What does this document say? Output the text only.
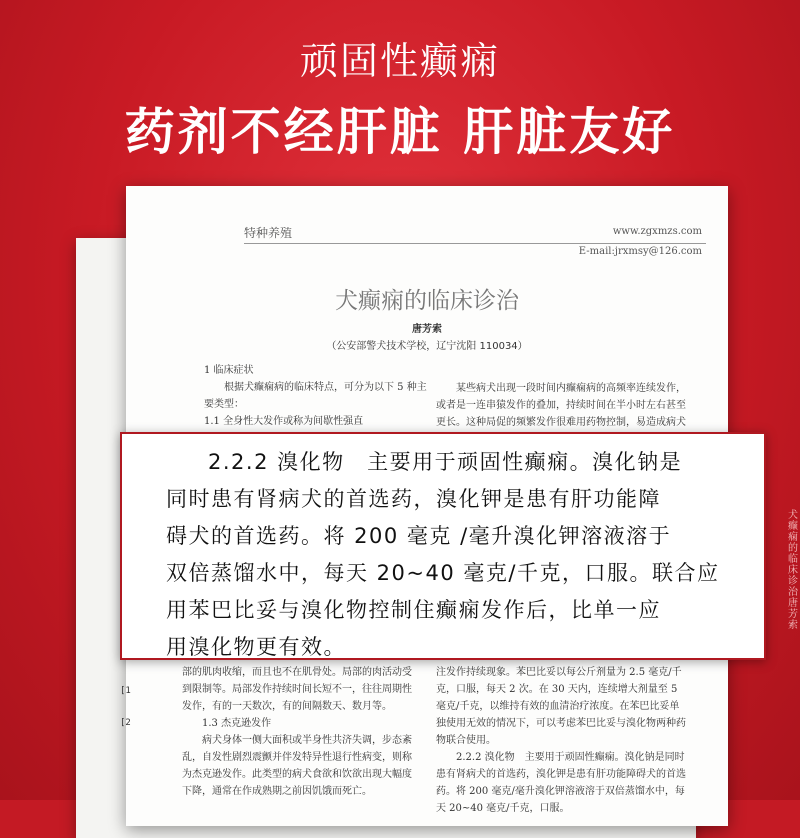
顽固性癫痫
药剂不经肝脏 肝脏友好
特种养殖	www.zgxmzs.com
E-mail:jrxmsy@126.com
犬癫痫的临床诊治
唐芳索
（公安部警犬技术学校，辽宁沈阳 110034）
1 临床症状
根据犬癫痫病的临床特点，可分为以下 5 种主要类型：
1.1 全身性大发作或称为间歇性强直
某些病犬出现一段时间内癫痫病的高频率连续发作，或者是一连串猿发作的叠加，持续时间在半小时左右甚至更长。这种局促的频繁发作很难用药物控制，易造成病犬
部的肌肉收缩，而且也不在肌骨处。局部的肉活动受到限制等。局部发作持续时间长短不一，往往周期性发作，有的一天数次，有的间隔数天、数月等。
1.3 杰克逊发作
病犬身体一侧大面积或半身性共济失调，步态紊乱，自发性剧烈震颤并伴发特异性退行性病变，则称为杰克逊发作。此类型的病犬食欲和饮欲出现大幅度下降，通常在作成熟期之前因饥饿而死亡。
注发作持续现象。苯巴比妥以每公斤剂量为 2.5 毫克/千克，口服，每天 2 次。在 30 天内，连续增大剂量至 5 毫克/千克，以维持有效的血清治疗浓度。在苯巴比妥单独使用无效的情况下，可以考虑苯巴比妥与溴化物两种药物联合使用。
2.2.2 溴化物　主要用于顽固性癫痫。溴化钠是同时患有肾病犬的首选药，溴化钾是患有肝功能障碍犬的首选药。将 200 毫克/毫升溴化钾溶液溶于双倍蒸馏水中，每天 20~40 毫克/千克，口服。
[1
[2
犬癫痫的临床诊治 唐芳索

2.2.2 溴化物　主要用于顽固性癫痫。溴化钠是

同时患有肾病犬的首选药，溴化钾是患有肝功能障

碍犬的首选药。将 200 毫克 /毫升溴化钾溶液溶于

双倍蒸馏水中，每天 20~40 毫克/千克，口服。联合应

用苯巴比妥与溴化物控制住癫痫发作后，比单一应

用溴化物更有效。
